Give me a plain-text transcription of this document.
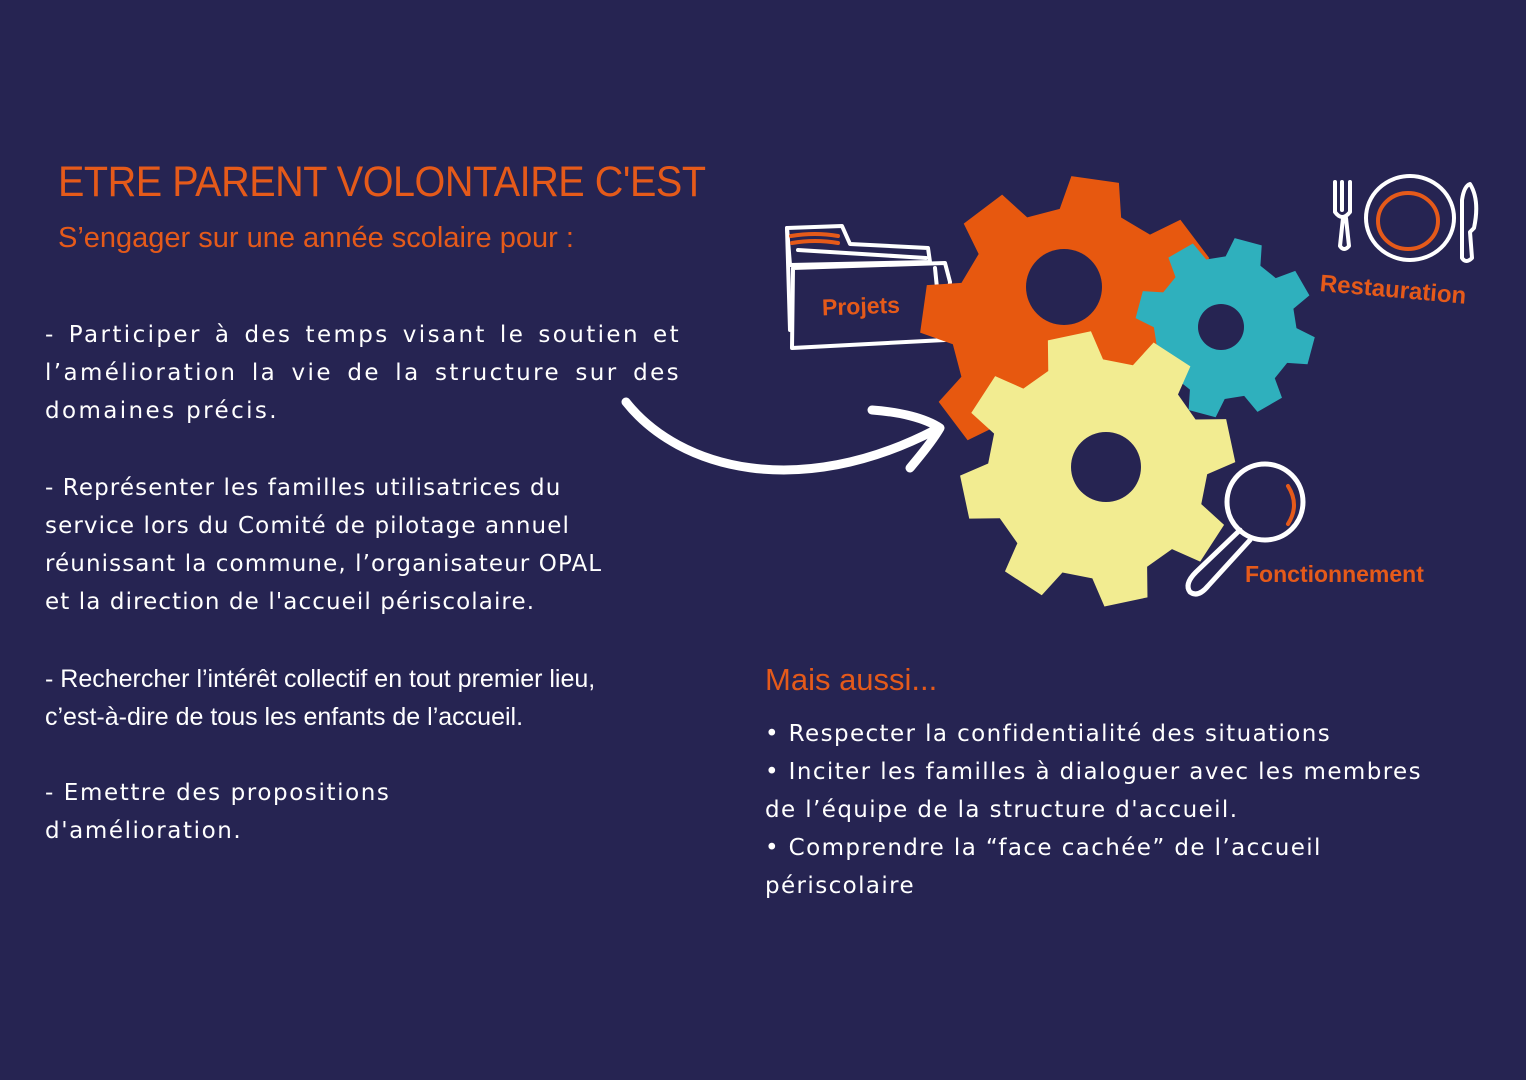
ETRE PARENT VOLONTAIRE C'EST
S’engager sur une année scolaire pour :
- Participer à des temps visant le soutien et
l’amélioration la vie de la structure sur des
domaines précis.
- Représenter les familles utilisatrices du
service lors du Comité de pilotage annuel
réunissant la commune, l’organisateur OPAL
et la direction de l'accueil périscolaire.
- Rechercher l’intérêt collectif en tout premier lieu,
c’est-à-dire de tous les enfants de l’accueil.
- Emettre des propositions
d'amélioration.
Mais aussi...
• Respecter la confidentialité des situations
• Inciter les familles à dialoguer avec les membres
de l’équipe de la structure d'accueil.
• Comprendre la “face cachée” de l’accueil
périscolaire
Projets	Restauration
Fonctionnement
